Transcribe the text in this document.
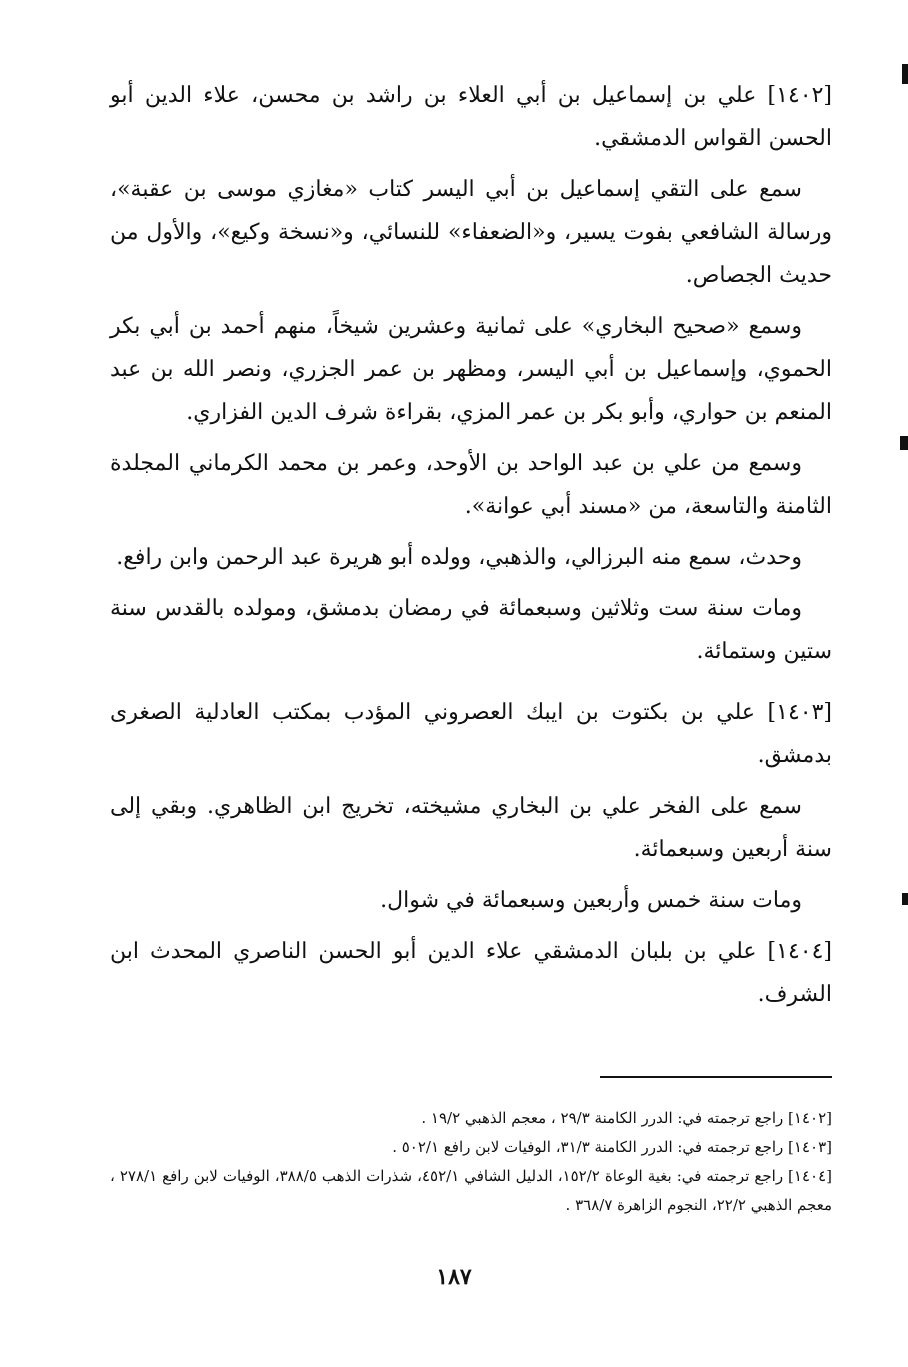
[١٤٠٢] علي بن إسماعيل بن أبي العلاء بن راشد بن محسن، علاء الدين أبو الحسن القواس الدمشقي.

سمع على التقي إسماعيل بن أبي اليسر كتاب «مغازي موسى بن عقبة»، ورسالة الشافعي بفوت يسير، و«الضعفاء» للنسائي، و«نسخة وكيع»، والأول من حديث الجصاص.

وسمع «صحيح البخاري» على ثمانية وعشرين شيخاً، منهم أحمد بن أبي بكر الحموي، وإسماعيل بن أبي اليسر، ومظهر بن عمر الجزري، ونصر الله بن عبد المنعم بن حواري، وأبو بكر بن عمر المزي، بقراءة شرف الدين الفزاري.

وسمع من علي بن عبد الواحد بن الأوحد، وعمر بن محمد الكرماني المجلدة الثامنة والتاسعة، من «مسند أبي عوانة».

وحدث، سمع منه البرزالي، والذهبي، وولده أبو هريرة عبد الرحمن وابن رافع.

ومات سنة ست وثلاثين وسبعمائة في رمضان بدمشق، ومولده بالقدس سنة ستين وستمائة.

[١٤٠٣] علي بن بكتوت بن ايبك العصروني المؤدب بمكتب العادلية الصغرى بدمشق.

سمع على الفخر علي بن البخاري مشيخته، تخريج ابن الظاهري. وبقي إلى سنة أربعين وسبعمائة.

ومات سنة خمس وأربعين وسبعمائة في شوال.

[١٤٠٤] علي بن بلبان الدمشقي علاء الدين أبو الحسن الناصري المحدث ابن الشرف.

[١٤٠٢] راجع ترجمته في: الدرر الكامنة ٢٩/٣ ، معجم الذهبي ١٩/٢ .

[١٤٠٣] راجع ترجمته في: الدرر الكامنة ٣١/٣، الوفيات لابن رافع ٥٠٢/١ .

[١٤٠٤] راجع ترجمته في: بغية الوعاة ١٥٢/٢، الدليل الشافي ٤٥٢/١، شذرات الذهب ٣٨٨/٥، الوفيات لابن رافع ٢٧٨/١ ، معجم الذهبي ٢٢/٢، النجوم الزاهرة ٣٦٨/٧ .

١٨٧
